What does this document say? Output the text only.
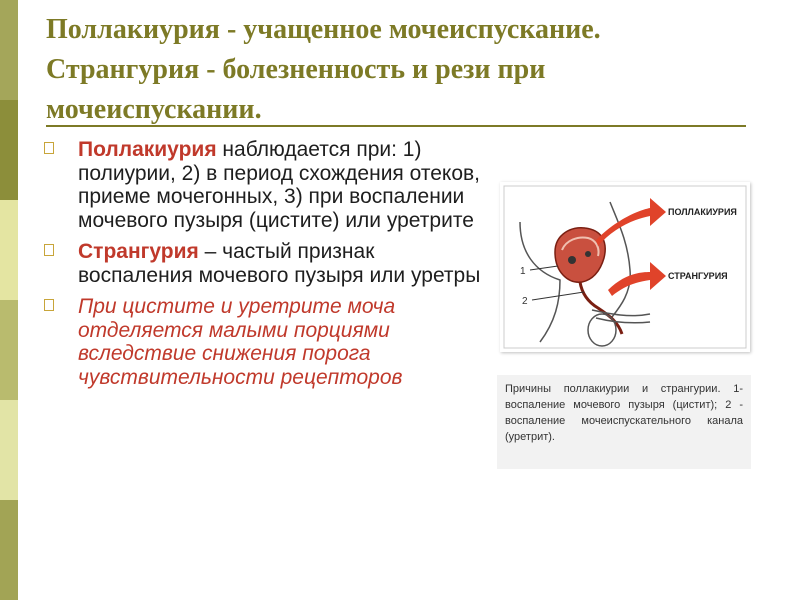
Поллакиурия - учащенное мочеиспускание.
Странгурия - болезненность и рези при
мочеиспускании.
Поллакиурия наблюдается при: 1) полиурии, 2) в период схождения отеков, приеме мочегонных, 3) при воспалении мочевого пузыря (цистите) или уретрите
Странгурия – частый признак воспаления мочевого пузыря или уретры
При цистите и уретрите моча отделяется малыми порциями вследствие снижения порога чувствительности рецепторов
1
2
ПОЛЛАКИУРИЯ
СТРАНГУРИЯ
Причины поллакиурии и странгурии. 1- воспаление мочевого пузыря (цистит); 2 - воспаление мочеиспускательного канала (уретрит).
